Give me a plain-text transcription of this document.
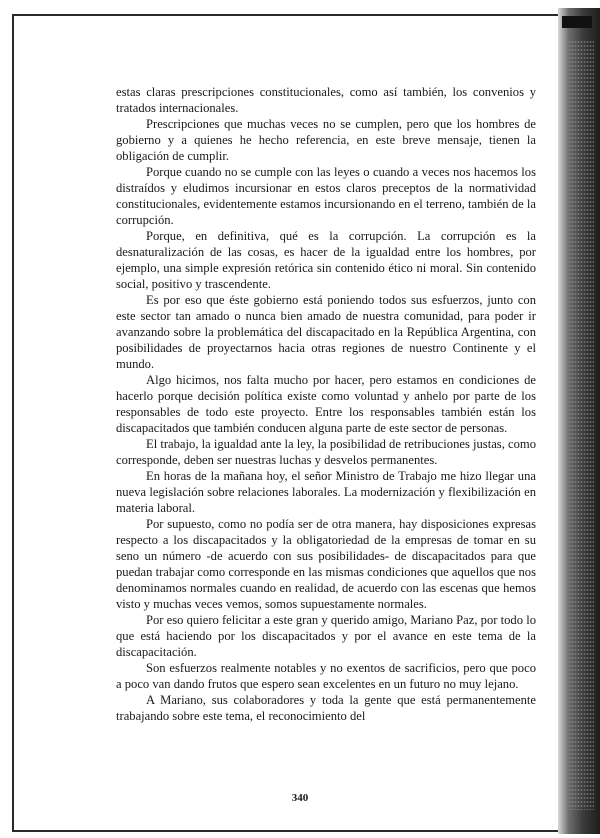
estas claras prescripciones constitucionales, como así también, los convenios y tratados internacionales.

Prescripciones que muchas veces no se cumplen, pero que los hombres de gobierno y a quienes he hecho referencia, en este breve mensaje, tienen la obligación de cumplir.

Porque cuando no se cumple con las leyes o cuando a veces nos hacemos los distraídos y eludimos incursionar en estos claros preceptos de la normatividad constitucionales, evidentemente estamos incursionando en el terreno, también de la corrupción.

Porque, en definitiva, qué es la corrupción. La corrupción es la desnaturalización de las cosas, es hacer de la igualdad entre los hombres, por ejemplo, una simple expresión retórica sin contenido ético ni moral. Sin contenido social, positivo y trascendente.

Es por eso que éste gobierno está poniendo todos sus esfuerzos, junto con este sector tan amado o nunca bien amado de nuestra comunidad, para poder ir avanzando sobre la problemática del discapacitado en la República Argentina, con posibilidades de proyectarnos hacia otras regiones de nuestro Continente y el mundo.

Algo hicimos, nos falta mucho por hacer, pero estamos en condiciones de hacerlo porque decisión política existe como voluntad y anhelo por parte de los responsables de todo este proyecto. Entre los responsables también están los discapacitados que también conducen alguna parte de este sector de personas.

El trabajo, la igualdad ante la ley, la posibilidad de retribuciones justas, como corresponde, deben ser nuestras luchas y desvelos permanentes.

En horas de la mañana hoy, el señor Ministro de Trabajo me hizo llegar una nueva legislación sobre relaciones laborales. La modernización y flexibilización en materia laboral.

Por supuesto, como no podía ser de otra manera, hay disposiciones expresas respecto a los discapacitados y la obligatoriedad de la empresas de tomar en su seno un número -de acuerdo con sus posibilidades- de discapacitados para que puedan trabajar como corresponde en las mismas condiciones que aquellos que nos denominamos normales cuando en realidad, de acuerdo con las escenas que hemos visto y muchas veces vemos, somos supuestamente normales.

Por eso quiero felicitar a este gran y querido amigo, Mariano Paz, por todo lo que está haciendo por los discapacitados y por el avance en este tema de la discapacitación.

Son esfuerzos realmente notables y no exentos de sacrificios, pero que poco a poco van dando frutos que espero sean excelentes en un futuro no muy lejano.

A Mariano, sus colaboradores y toda la gente que está permanentemente trabajando sobre este tema, el reconocimiento del

340
